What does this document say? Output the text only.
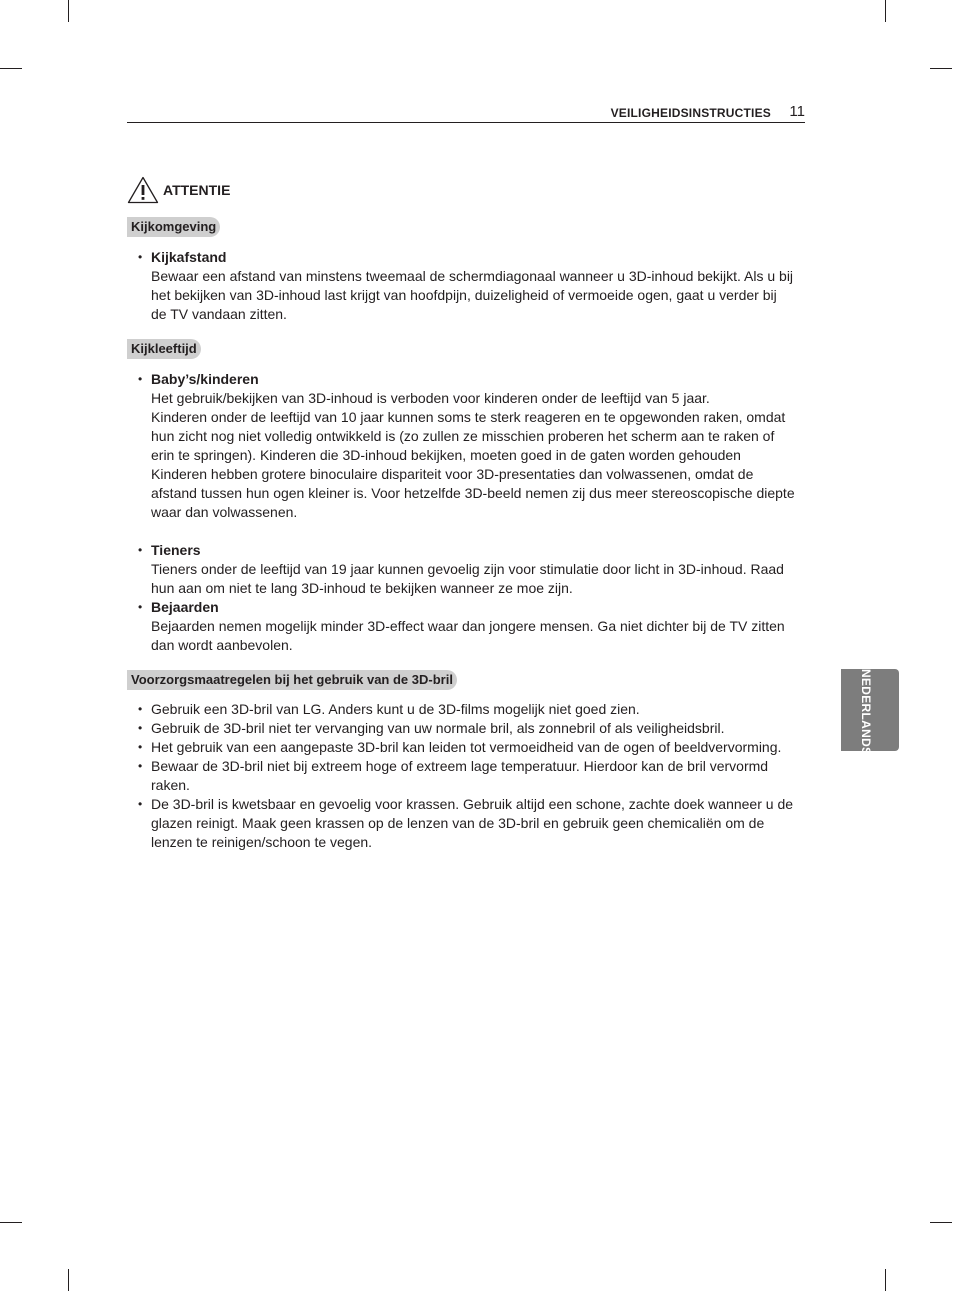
VEILIGHEIDSINSTRUCTIES 11
ATTENTIE
Kijkomgeving
• Kijkafstand

Bewaar een afstand van minstens tweemaal de schermdiagonaal wanneer u 3D-inhoud bekijkt. Als u bij het bekijken van 3D-inhoud last krijgt van hoofdpijn, duizeligheid of vermoeide ogen, gaat u verder bij de TV vandaan zitten.

Kijkleeftijd
• Baby’s/kinderen

Het gebruik/bekijken van 3D-inhoud is verboden voor kinderen onder de leeftijd van 5 jaar.

Kinderen onder de leeftijd van 10 jaar kunnen soms te sterk reageren en te opgewonden raken, omdat hun zicht nog niet volledig ontwikkeld is (zo zullen ze misschien proberen het scherm aan te raken of erin te springen). Kinderen die 3D-inhoud bekijken, moeten goed in de gaten worden gehouden

Kinderen hebben grotere binoculaire dispariteit voor 3D-presentaties dan volwassenen, omdat de afstand tussen hun ogen kleiner is. Voor hetzelfde 3D-beeld nemen zij dus meer stereoscopische diepte waar dan volwassenen.

• Tieners

Tieners onder de leeftijd van 19 jaar kunnen gevoelig zijn voor stimulatie door licht in 3D-inhoud. Raad hun aan om niet te lang 3D-inhoud te bekijken wanneer ze moe zijn.

• Bejaarden

Bejaarden nemen mogelijk minder 3D-effect waar dan jongere mensen. Ga niet dichter bij de TV zitten dan wordt aanbevolen.

Voorzorgsmaatregelen bij het gebruik van de 3D-bril
• Gebruik een 3D-bril van LG. Anders kunt u de 3D-films mogelijk niet goed zien.
• Gebruik de 3D-bril niet ter vervanging van uw normale bril, als zonnebril of als veiligheidsbril.
• Het gebruik van een aangepaste 3D-bril kan leiden tot vermoeidheid van de ogen of beeldvervorming.
• Bewaar de 3D-bril niet bij extreem hoge of extreem lage temperatuur. Hierdoor kan de bril vervormd raken.
• De 3D-bril is kwetsbaar en gevoelig voor krassen. Gebruik altijd een schone, zachte doek wanneer u de glazen reinigt. Maak geen krassen op de lenzen van de 3D-bril en gebruik geen chemicaliën om de lenzen te reinigen/schoon te vegen.
NEDERLANDS
